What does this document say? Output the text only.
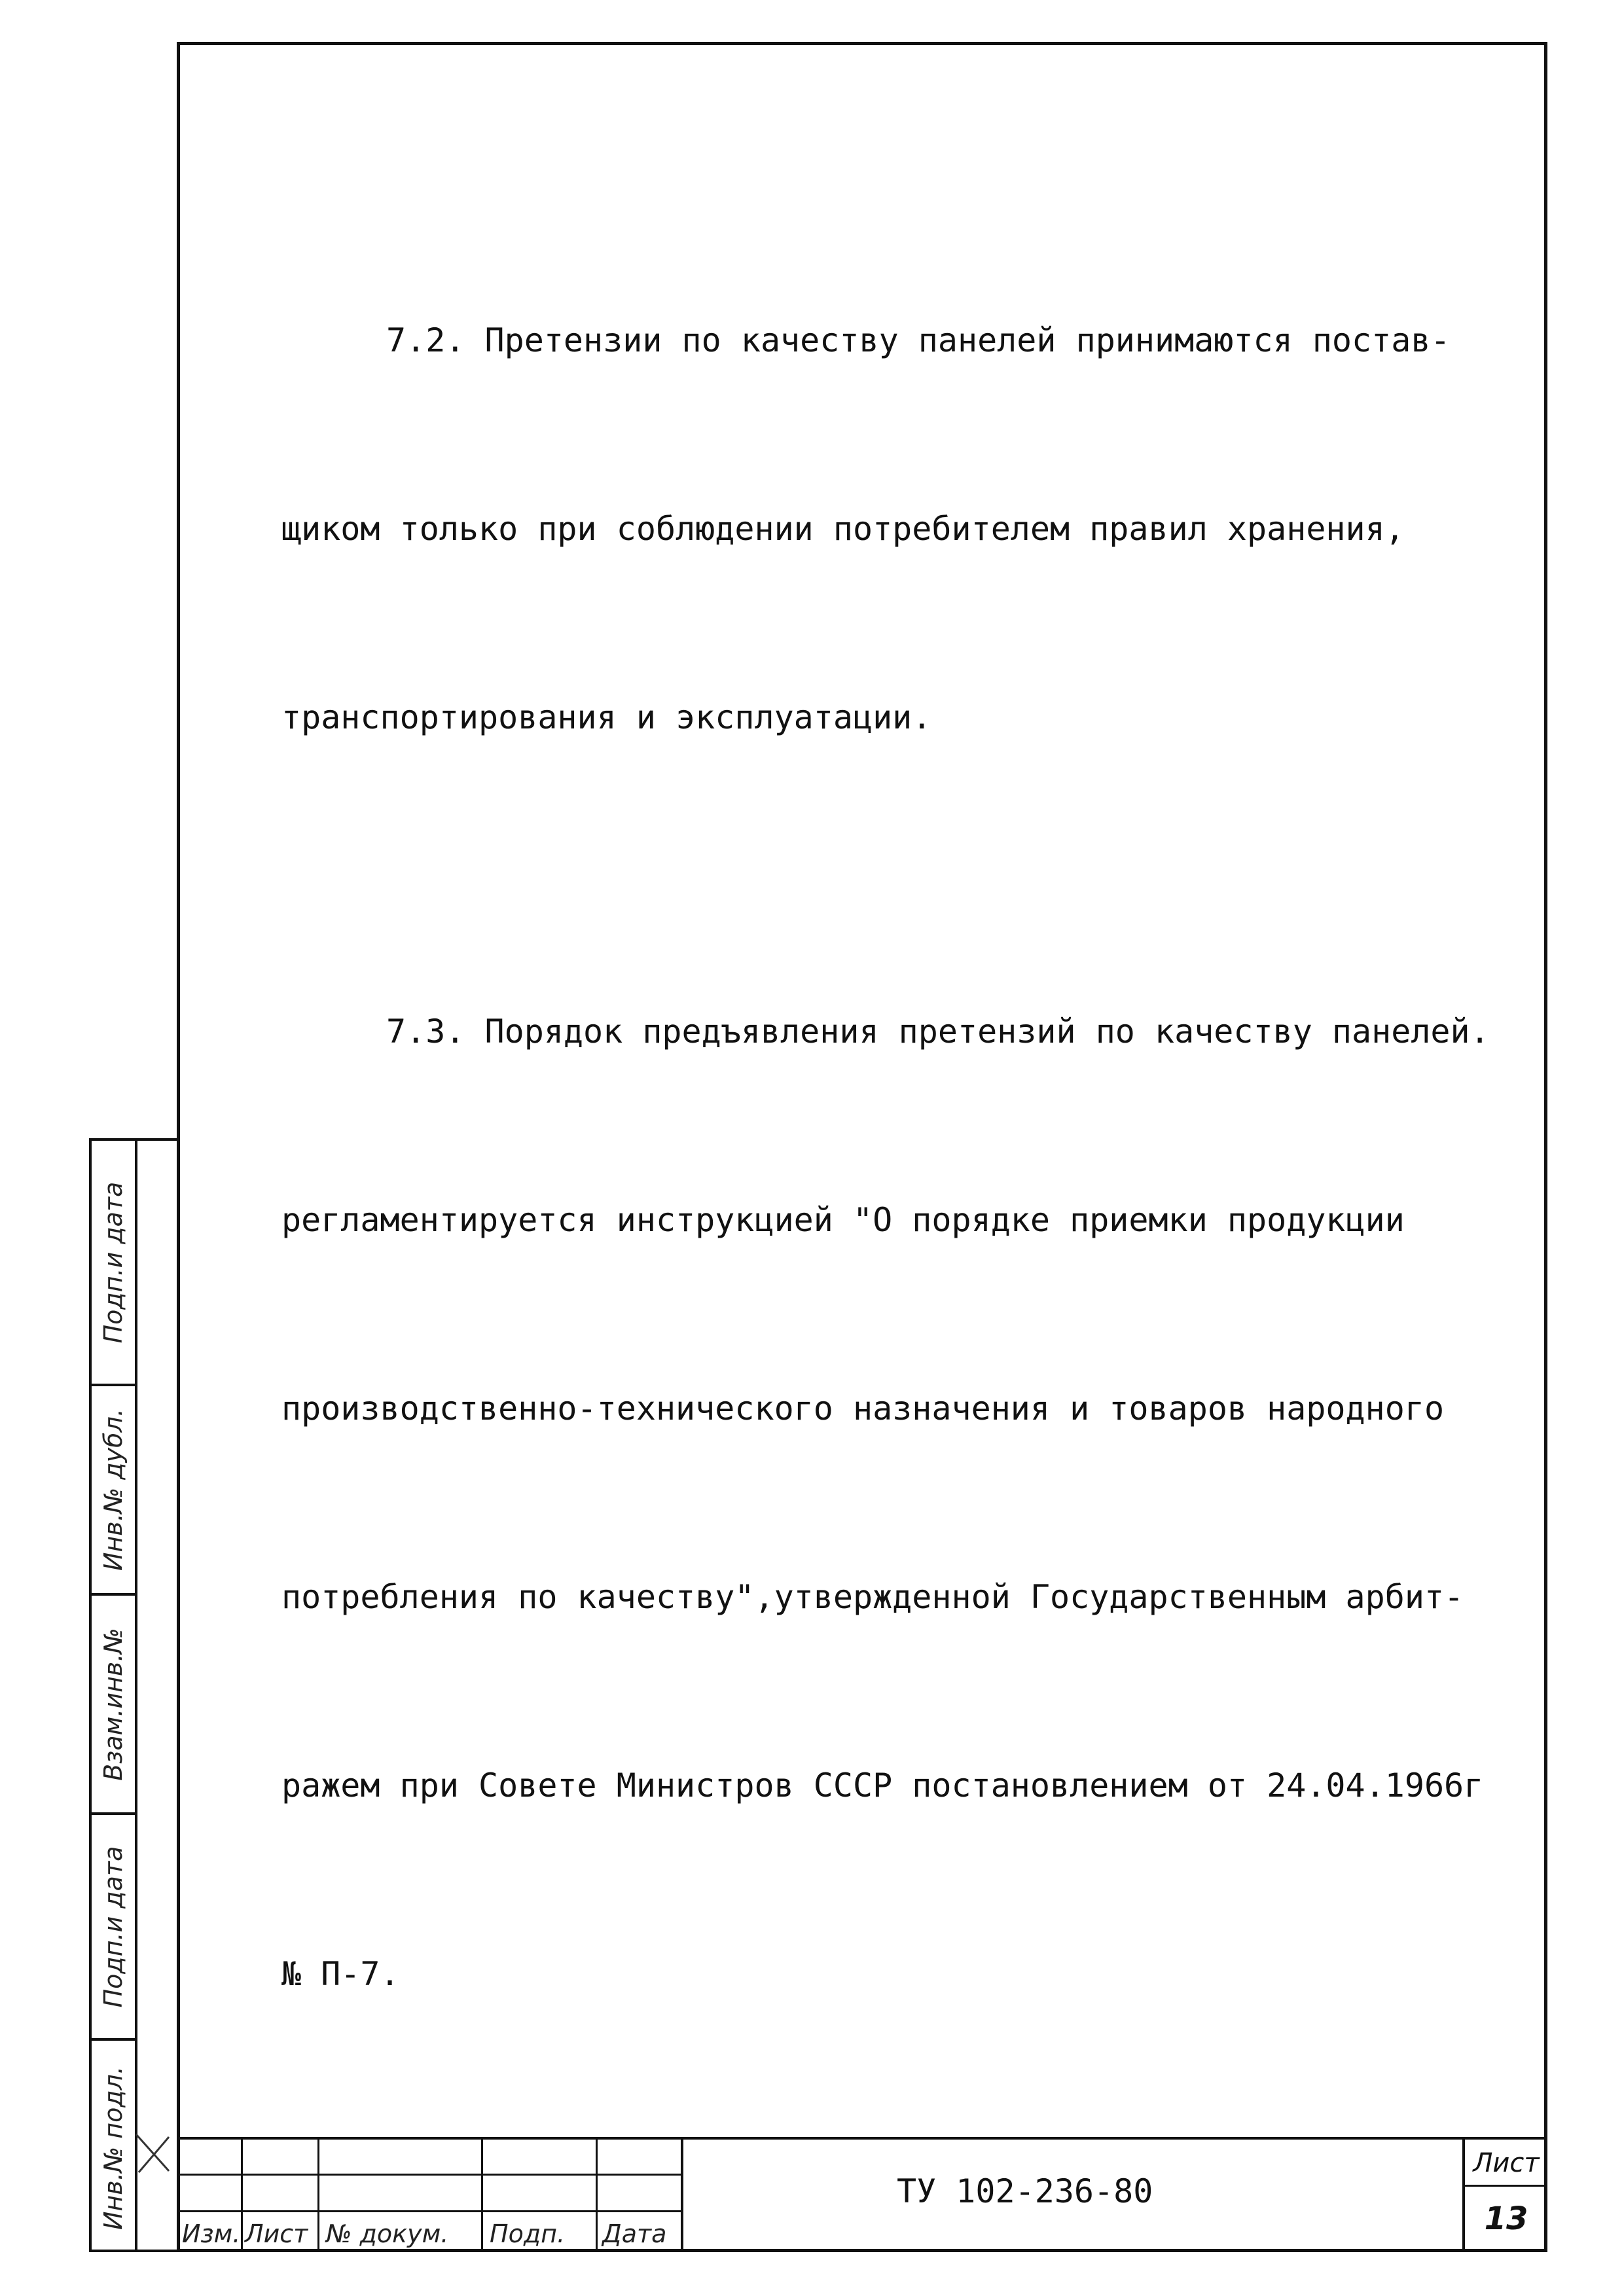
7.2. Претензии по качеству панелей принимаются постав-

щиком только при соблюдении потребителем правил хранения,

транспортирования и эксплуатации.

7.3. Порядок предъявления претензий по качеству панелей.

регламентируется инструкцией "О порядке приемки продукции

производственно-технического назначения и товаров народного

потребления по качеству",утвержденной Государственным арбит-

ражем при Совете Министров СССР постановлением от 24.04.1966г

№ П-7.

Подп.и дата
Инв.№ дубл.
Взам.инв.№
Подп.и дата
Инв.№ подл.
Изм. Лист № докум. Подп. Дата
ТУ 102-236-80
Лист
13
